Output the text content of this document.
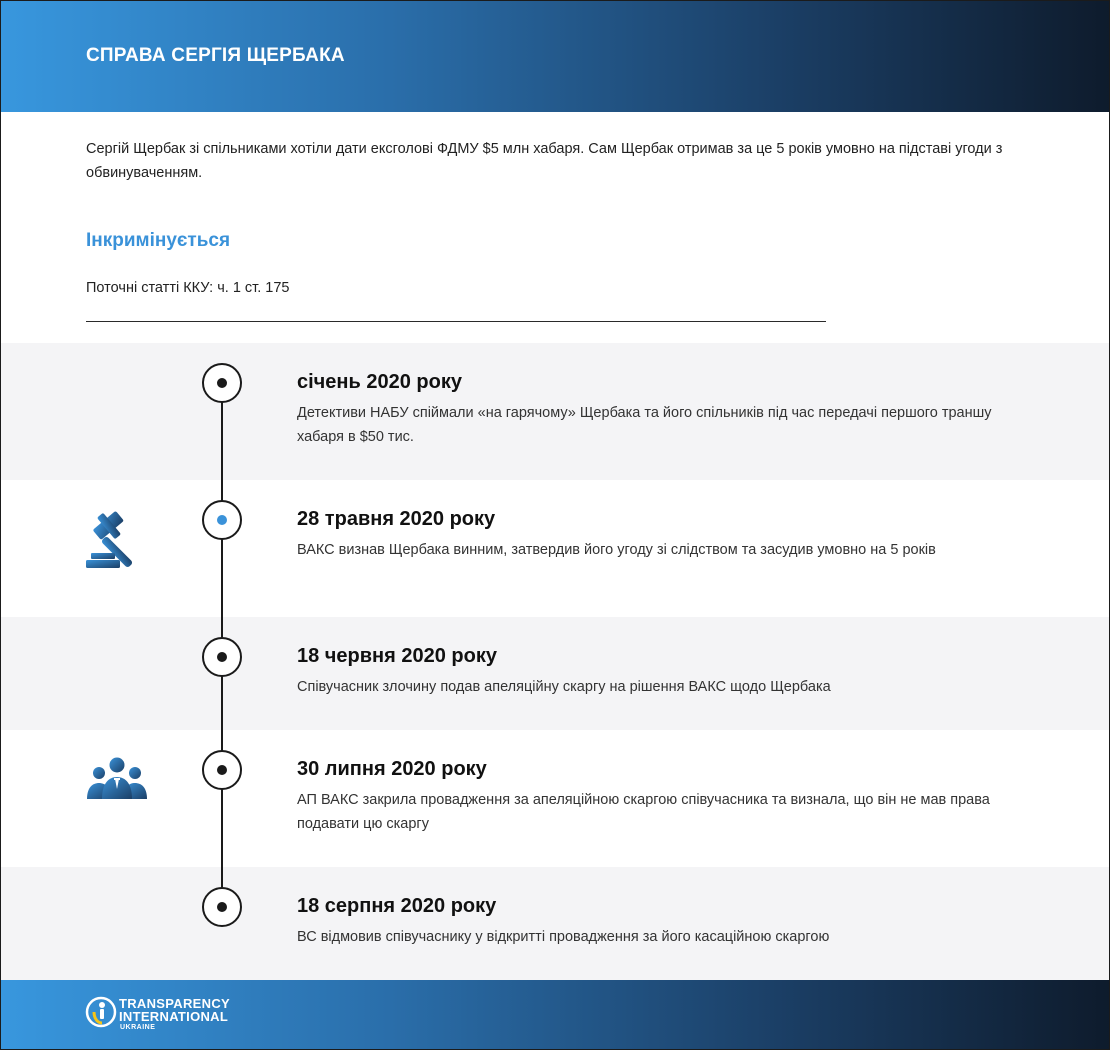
СПРАВА СЕРГІЯ ЩЕРБАКА
Сергій Щербак зі спільниками хотіли дати ексголові ФДМУ $5 млн хабаря. Сам Щербак отримав за це 5 років умовно на підставі угоди з обвинуваченням.
Інкримінується
Поточні статті ККУ: ч. 1 ст. 175
січень 2020 року
Детективи НАБУ спіймали «на гарячому» Щербака та його спільників під час передачі першого траншу хабаря в $50 тис.
28 травня 2020 року
ВАКС визнав Щербака винним, затвердив його угоду зі слідством та засудив умовно на 5 років
18 червня 2020 року
Співучасник злочину подав апеляційну скаргу на рішення ВАКС щодо Щербака
30 липня 2020 року
АП ВАКС закрила провадження за апеляційною скаргою співучасника та визнала, що він не мав права подавати цю скаргу
18 серпня 2020 року
ВС відмовив співучаснику у відкритті провадження за його касаційною скаргою
TRANSPARENCY
INTERNATIONAL
UKRAINE
